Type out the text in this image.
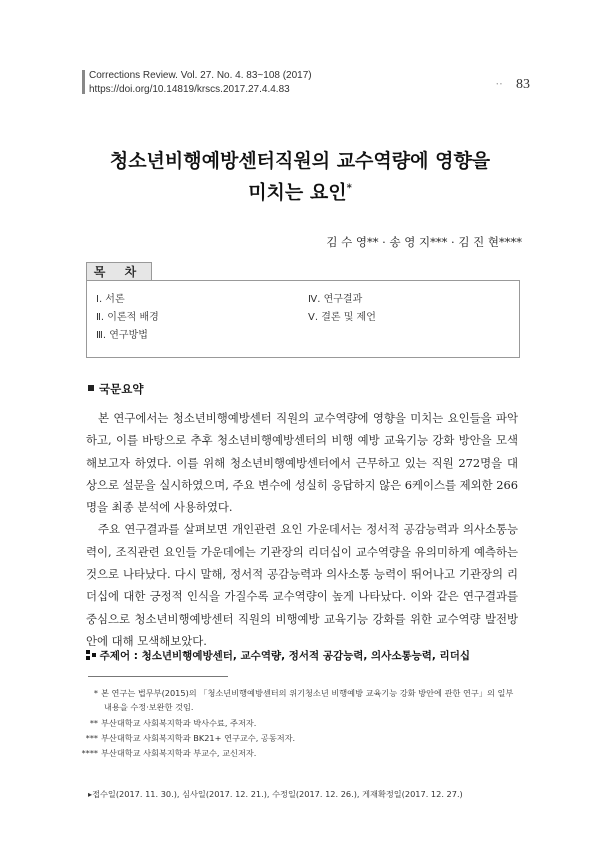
Corrections Review. Vol. 27. No. 4. 83~108 (2017)
https://doi.org/10.14819/krscs.2017.27.4.4.83	• • 83
청소년비행예방센터직원의 교수역량에 영향을
미치는 요인*
김 수 영** · 송 영 지*** · 김 진 현****
목 차
Ⅰ. 서론
Ⅱ. 이론적 배경
Ⅲ. 연구방법
Ⅳ. 연구결과
Ⅴ. 결론 및 제언
국문요약

본 연구에서는 청소년비행예방센터 직원의 교수역량에 영향을 미치는 요인들을 파악하고, 이를 바탕으로 추후 청소년비행예방센터의 비행 예방 교육기능 강화 방안을 모색해보고자 하였다. 이를 위해 청소년비행예방센터에서 근무하고 있는 직원 272명을 대상으로 설문을 실시하였으며, 주요 변수에 성실히 응답하지 않은 6케이스를 제외한 266명을 최종 분석에 사용하였다.

주요 연구결과를 살펴보면 개인관련 요인 가운데서는 정서적 공감능력과 의사소통능력이, 조직관련 요인들 가운데에는 기관장의 리더십이 교수역량을 유의미하게 예측하는 것으로 나타났다. 다시 말해, 정서적 공감능력과 의사소통 능력이 뛰어나고 기관장의 리더십에 대한 긍정적 인식을 가질수록 교수역량이 높게 나타났다. 이와 같은 연구결과를 중심으로 청소년비행예방센터 직원의 비행예방 교육기능 강화를 위한 교수역량 발전방안에 대해 모색해보았다.

주제어 : 청소년비행예방센터, 교수역량, 정서적 공감능력, 의사소통능력, 리더십
* 본 연구는 법무부(2015)의 「청소년비행예방센터의 위기청소년 비행예방 교육기능 강화 방안에 관한 연구」의 일부
내용을 수정·보완한 것임.
** 부산대학교 사회복지학과 박사수료, 주저자.
*** 부산대학교 사회복지학과 BK21+ 연구교수, 공동저자.
**** 부산대학교 사회복지학과 부교수, 교신저자.
▸접수일(2017. 11. 30.), 심사일(2017. 12. 21.), 수정일(2017. 12. 26.), 게재확정일(2017. 12. 27.)
